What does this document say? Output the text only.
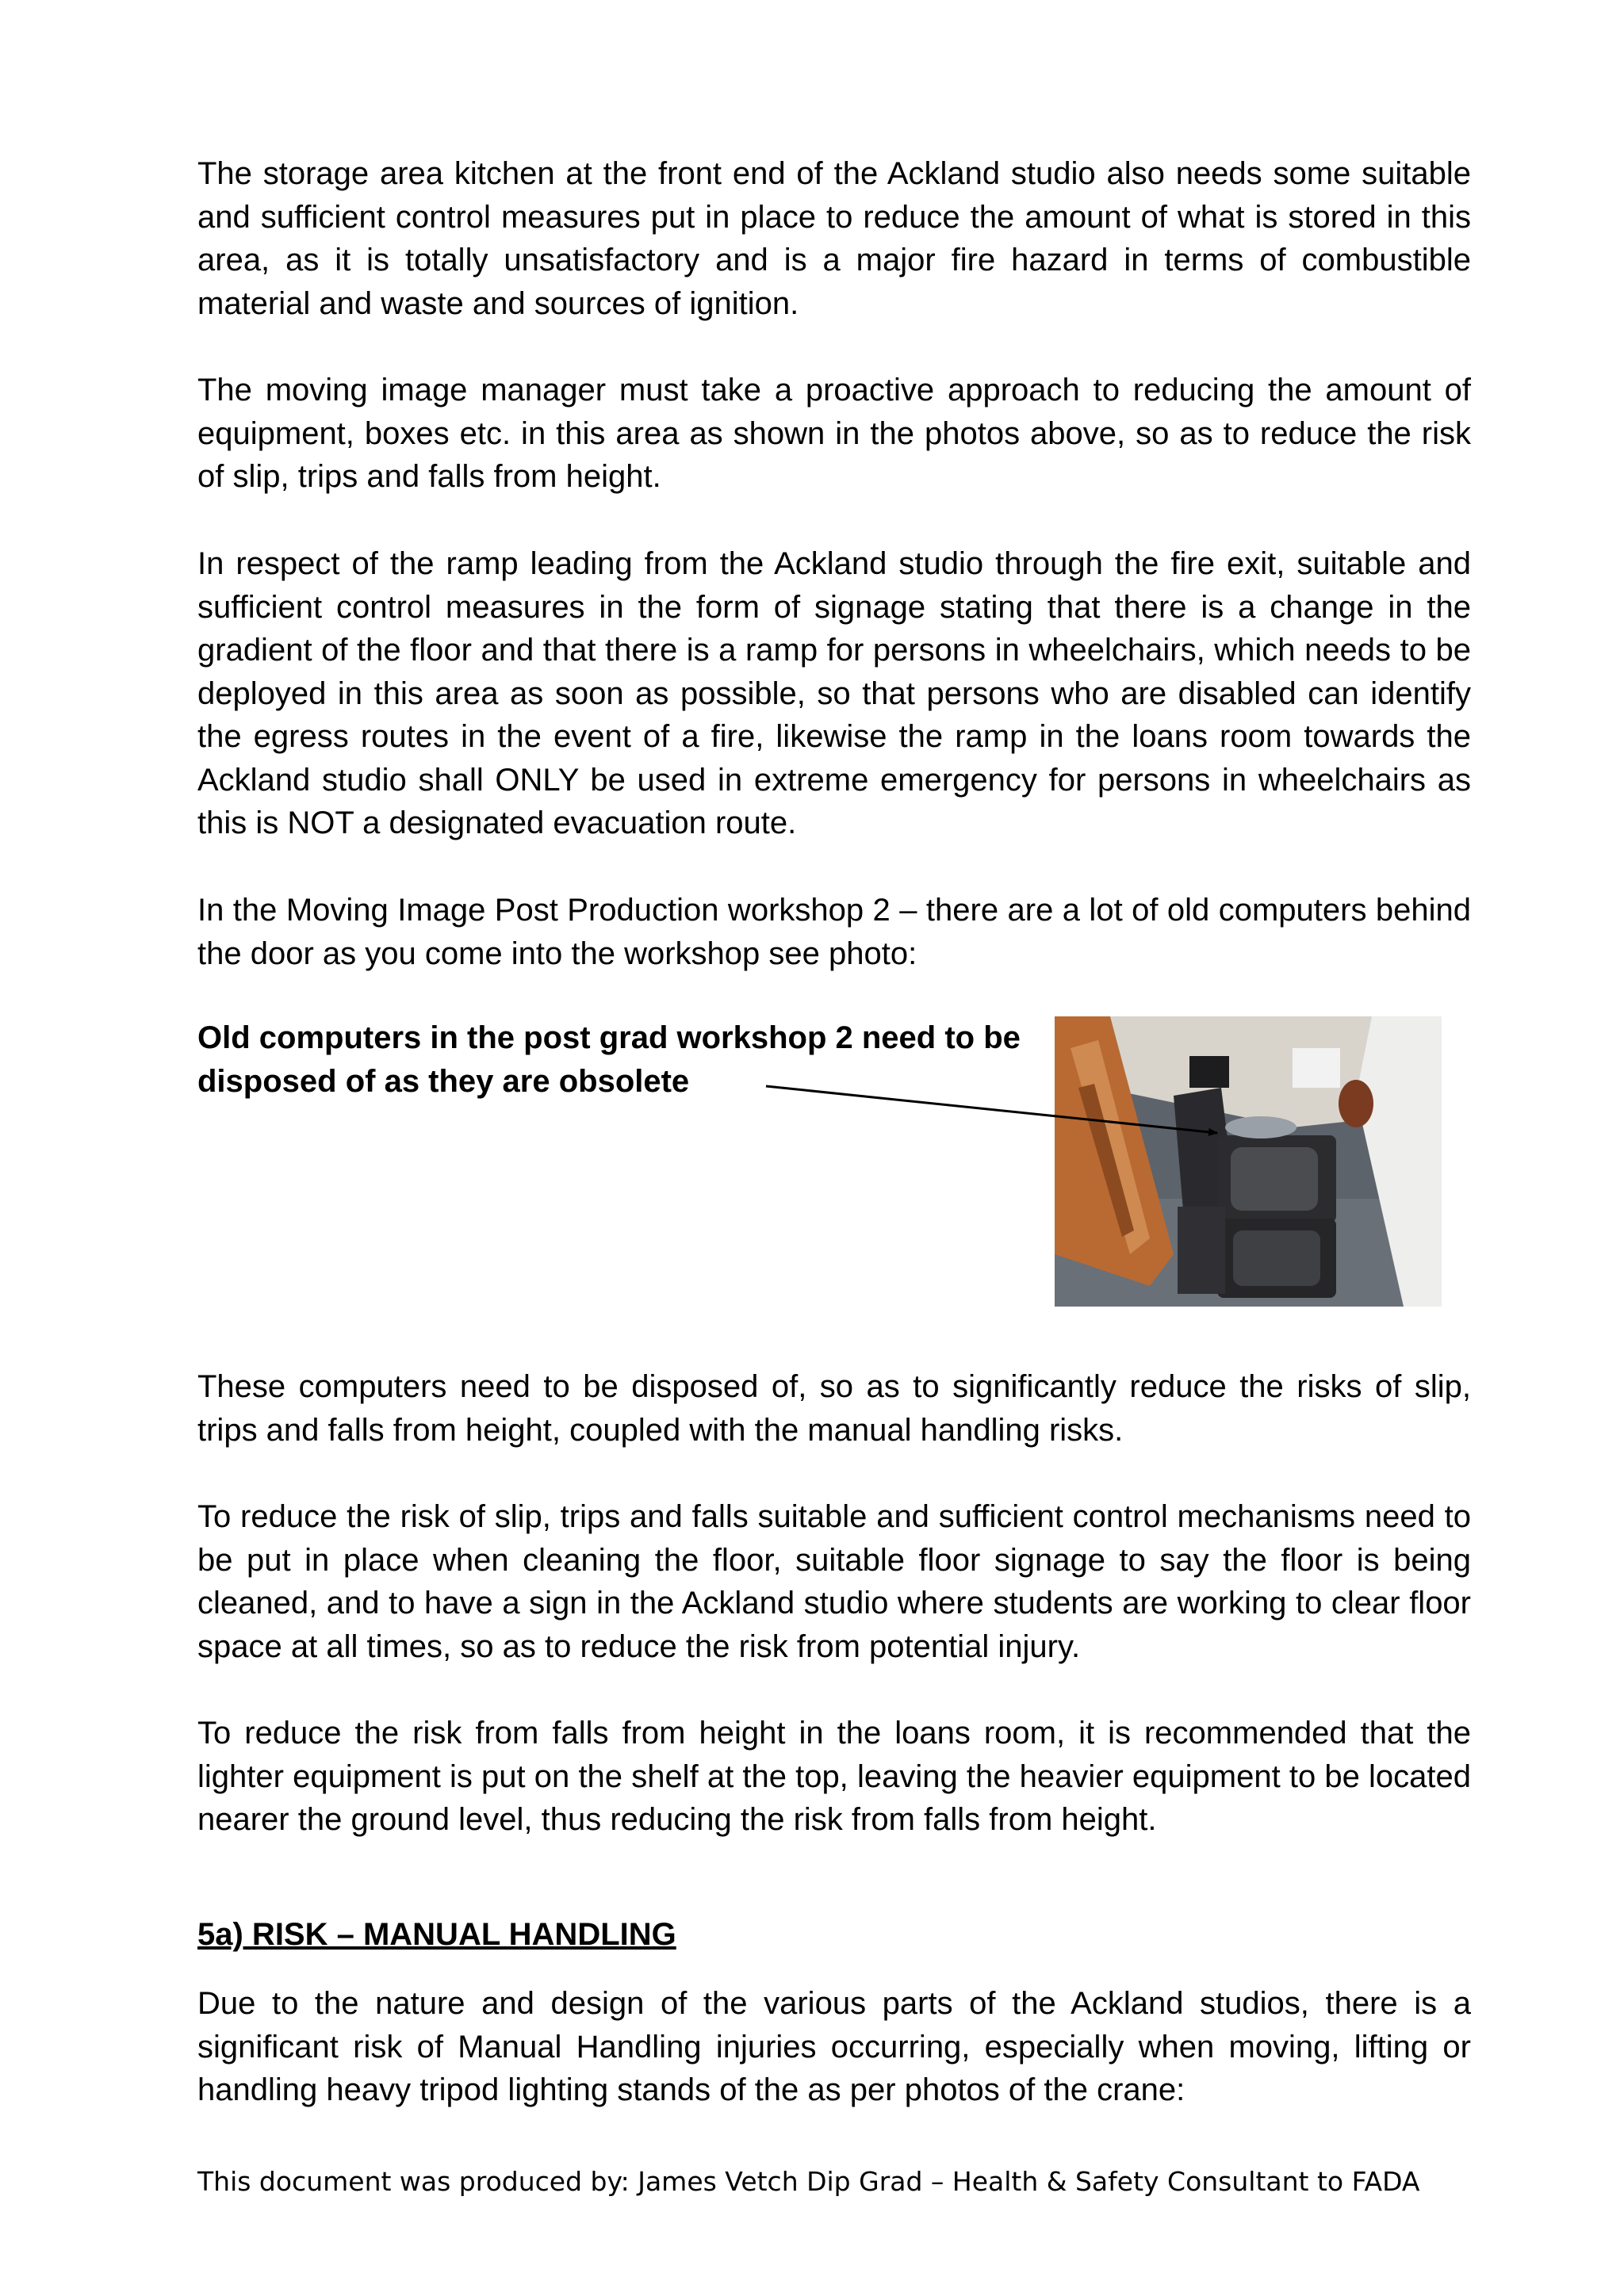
The storage area kitchen at the front end of the Ackland studio also needs some suitable and sufficient control measures put in place to reduce the amount of what is stored in this area, as it is totally unsatisfactory and is a major fire hazard in terms of combustible material and waste and sources of ignition.

The moving image manager must take a proactive approach to reducing the amount of equipment, boxes etc. in this area as shown in the photos above, so as to reduce the risk of slip, trips and falls from height.

In respect of the ramp leading from the Ackland studio through the fire exit, suitable and sufficient control measures in the form of signage stating that there is a change in the gradient of the floor and that there is a ramp for persons in wheelchairs, which needs to be deployed in this area as soon as possible, so that persons who are disabled can identify the egress routes in the event of a fire, likewise the ramp in the loans room towards the Ackland studio shall ONLY be used in extreme emergency for persons in wheelchairs as this is NOT a designated evacuation route.

In the Moving Image Post Production workshop 2 – there are a lot of old computers behind the door as you come into the workshop see photo:

Old computers in the post grad workshop 2 need to be disposed of as they are obsolete

These computers need to be disposed of, so as to significantly reduce the risks of slip, trips and falls from height, coupled with the manual handling risks.

To reduce the risk of slip, trips and falls suitable and sufficient control mechanisms need to be put in place when cleaning the floor, suitable floor signage to say the floor is being cleaned, and to have a sign in the Ackland studio where students are working to clear floor space at all times, so as to reduce the risk from potential injury.

To reduce the risk from falls from height in the loans room, it is recommended that the lighter equipment is put on the shelf at the top, leaving the heavier equipment to be located nearer the ground level, thus reducing the risk from falls from height.

5a) RISK – MANUAL HANDLING

Due to the nature and design of the various parts of the Ackland studios, there is a significant risk of Manual Handling injuries occurring, especially when moving, lifting or handling heavy tripod lighting stands of the as per photos of the crane:

This document was produced by: James Vetch Dip Grad – Health & Safety Consultant to FADA
